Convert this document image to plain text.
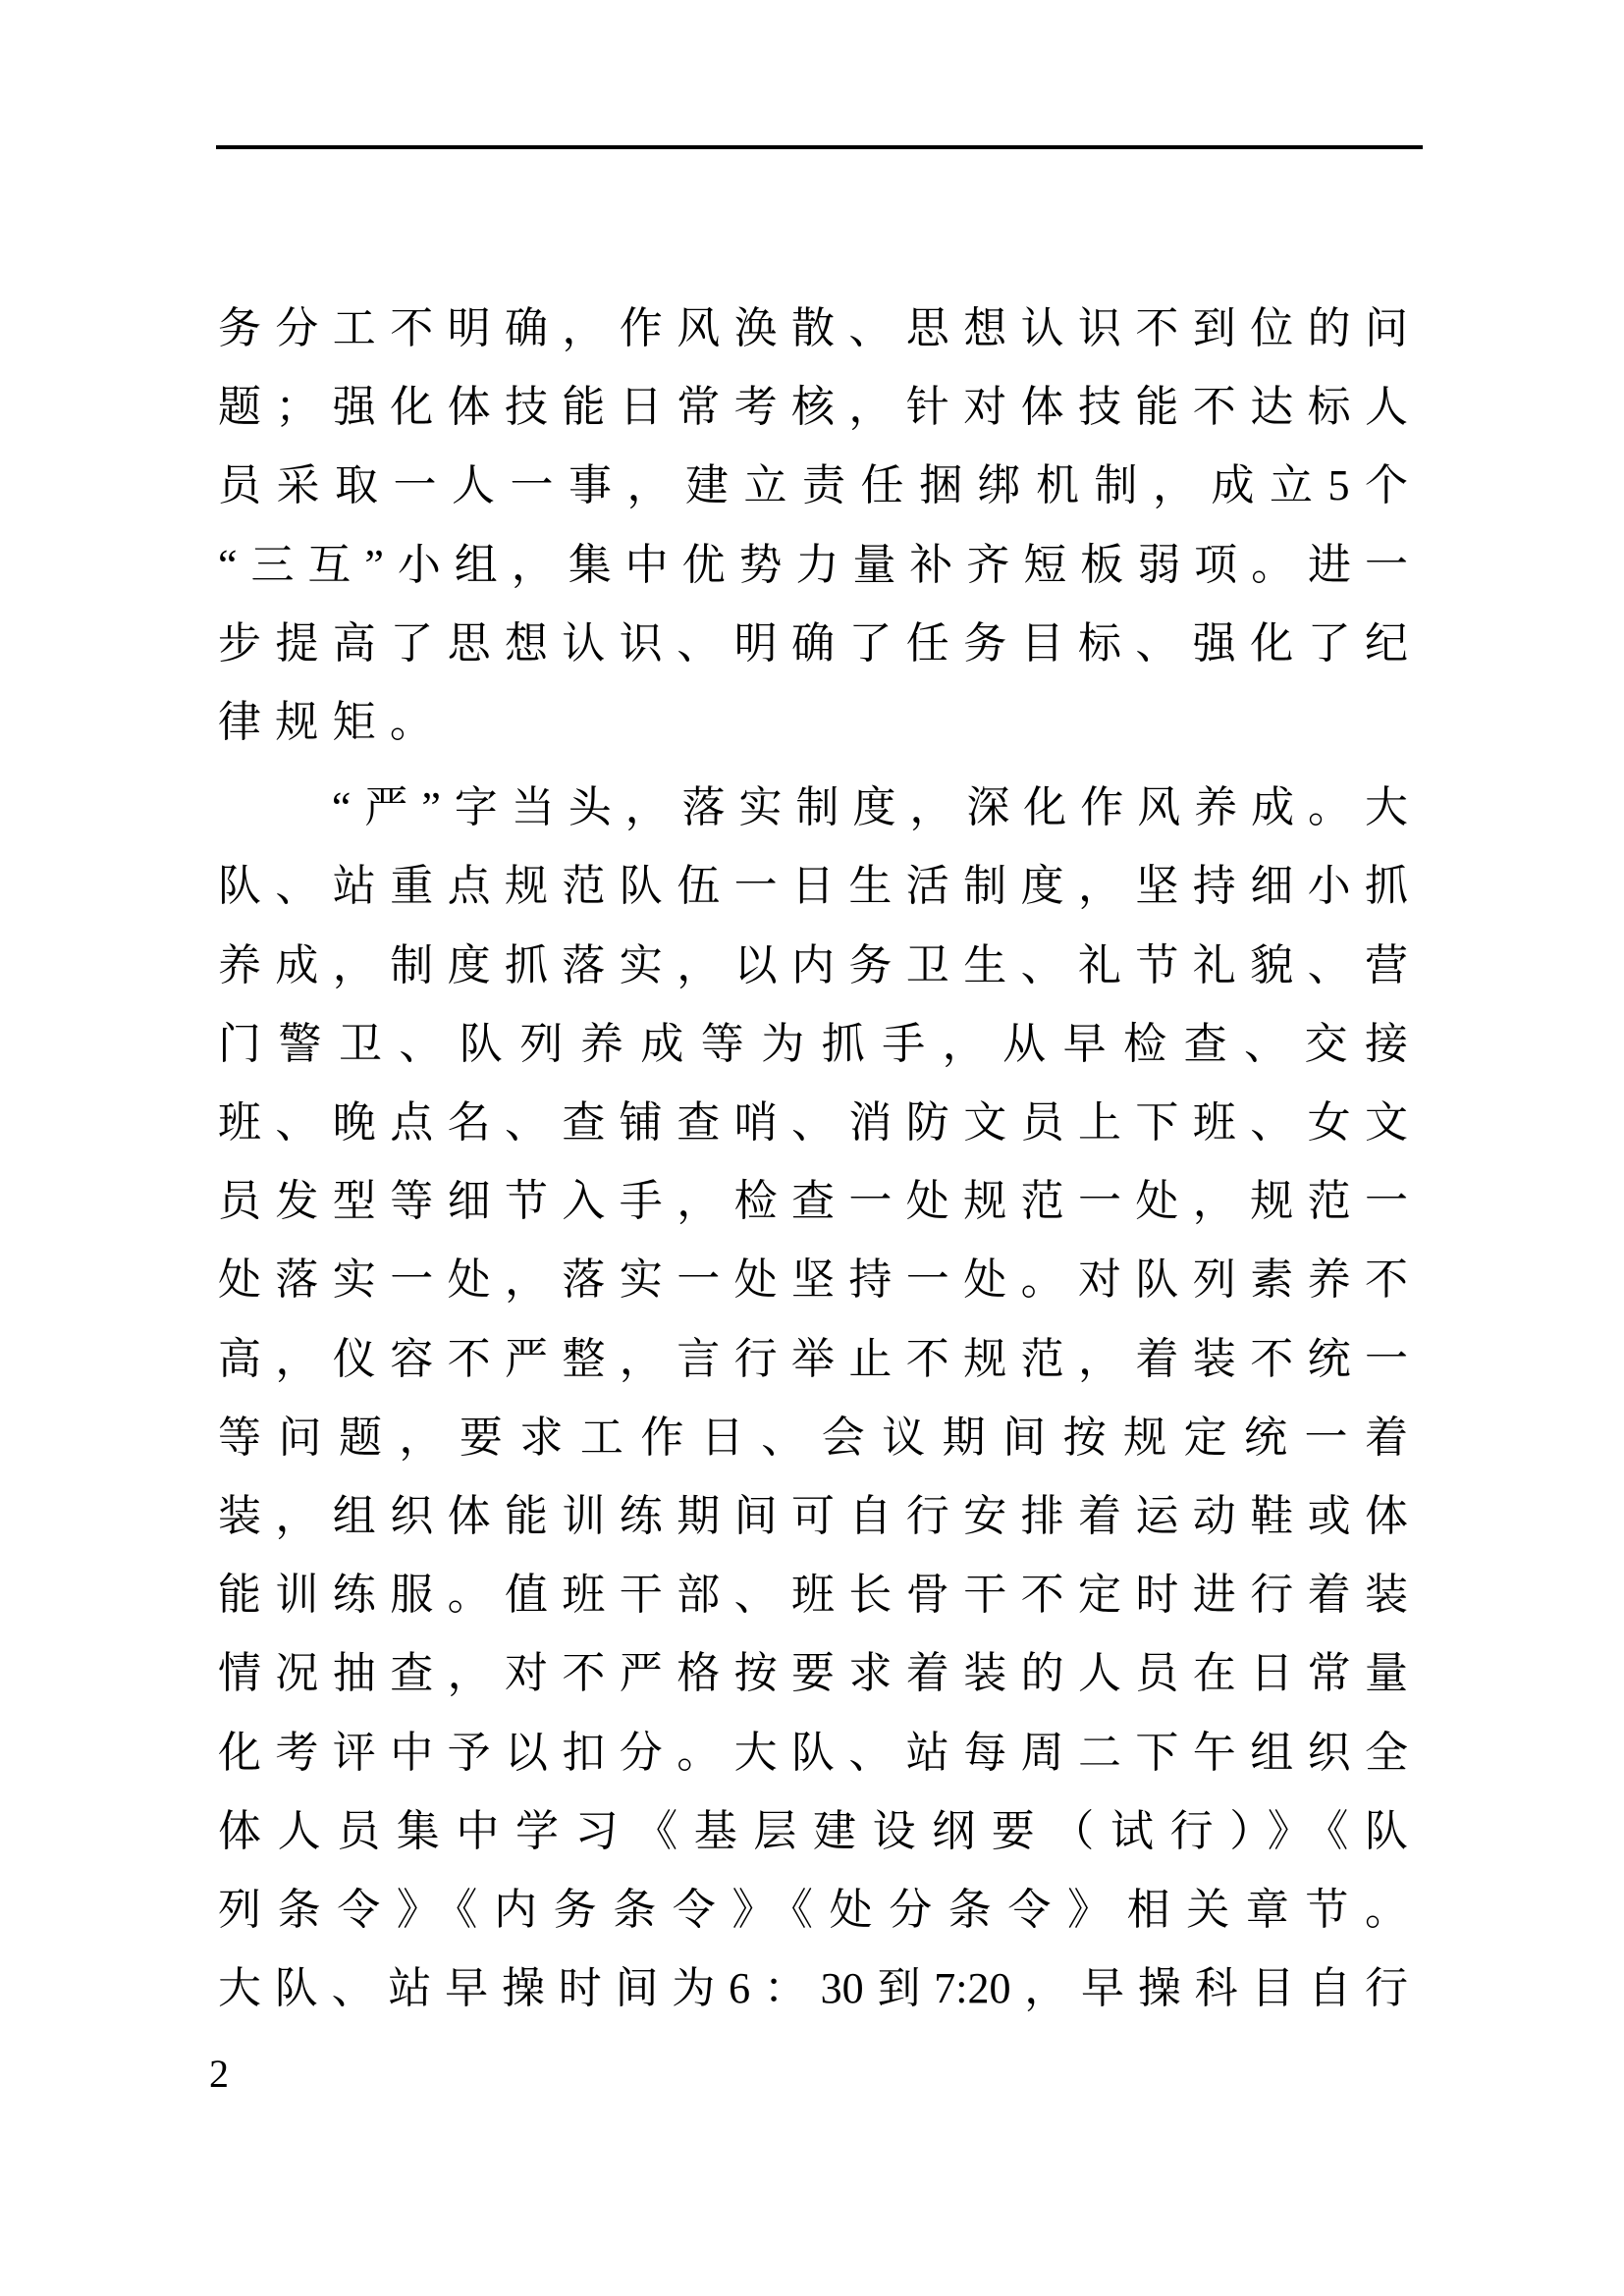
务分工不明确，作风涣散、思想认识不到位的问
题；强化体技能日常考核，针对体技能不达标人
员采取一人一事，建立责任捆绑机制，成立5个
“三互”小组，集中优势力量补齐短板弱项。进一
步提高了思想认识、明确了任务目标、强化了纪
律规矩。
　　“严”字当头，落实制度，深化作风养成。大
队、站重点规范队伍一日生活制度，坚持细小抓
养成，制度抓落实，以内务卫生、礼节礼貌、营
门警卫、队列养成等为抓手，从早检查、交接
班、晚点名、查铺查哨、消防文员上下班、女文
员发型等细节入手，检查一处规范一处，规范一
处落实一处，落实一处坚持一处。对队列素养不
高，仪容不严整，言行举止不规范，着装不统一
等问题，要求工作日、会议期间按规定统一着
装，组织体能训练期间可自行安排着运动鞋或体
能训练服。值班干部、班长骨干不定时进行着装
情况抽查，对不严格按要求着装的人员在日常量
化考评中予以扣分。大队、站每周二下午组织全
体人员集中学习《基层建设纲要（试行）》《队
列条令》《内务条令》《处分条令》相关章节。
大队、站早操时间为6：30到7:20，早操科目自行
2
